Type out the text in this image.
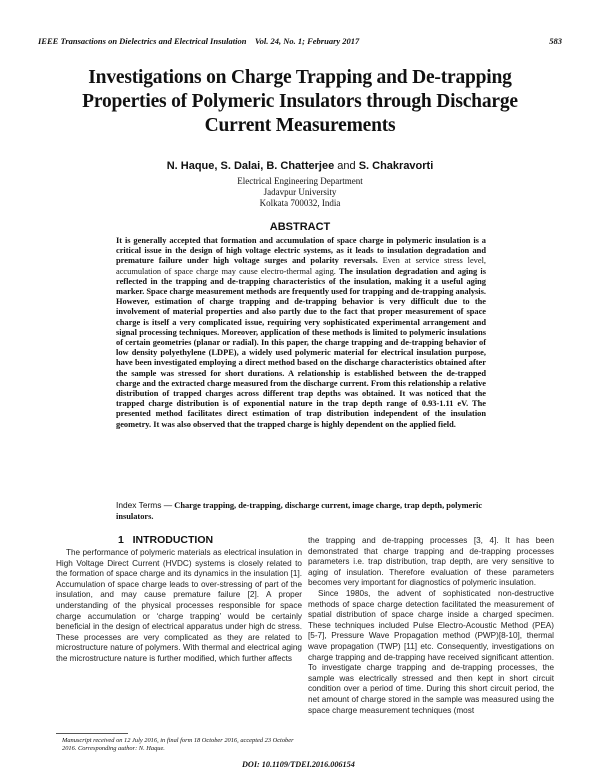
IEEE Transactions on Dielectrics and Electrical Insulation    Vol. 24, No. 1; February 2017	583
Investigations on Charge Trapping and De-trapping
Properties of Polymeric Insulators through Discharge
Current Measurements
N. Haque, S. Dalai, B. Chatterjee and S. Chakravorti
Electrical Engineering Department
Jadavpur University
Kolkata 700032, India
ABSTRACT
It is generally accepted that formation and accumulation of space charge in polymeric insulation is a critical issue in the design of high voltage electric systems, as it leads to insulation degradation and premature failure under high voltage surges and polarity reversals. Even at service stress level, accumulation of space charge may cause electro-thermal aging. The insulation degradation and aging is reflected in the trapping and de-trapping characteristics of the insulation, making it a useful aging marker. Space charge measurement methods are frequently used for trapping and de-trapping analysis. However, estimation of charge trapping and de-trapping behavior is very difficult due to the involvement of material properties and also partly due to the fact that proper measurement of space charge is itself a very complicated issue, requiring very sophisticated experimental arrangement and signal processing techniques. Moreover, application of these methods is limited to polymeric insulations of certain geometries (planar or radial). In this paper, the charge trapping and de-trapping behavior of low density polyethylene (LDPE), a widely used polymeric material for electrical insulation purpose, have been investigated employing a direct method based on the discharge characteristics obtained after the sample was stressed for short durations. A relationship is established between the de-trapped charge and the extracted charge measured from the discharge current. From this relationship a relative distribution of trapped charges across different trap depths was obtained. It was noticed that the trapped charge distribution is of exponential nature in the trap depth range of 0.93-1.11 eV. The presented method facilitates direct estimation of trap distribution independent of the insulation geometry. It was also observed that the trapped charge is highly dependent on the applied field.
Index Terms — Charge trapping, de-trapping, discharge current, image charge, trap depth, polymeric insulators.
1   INTRODUCTION

The performance of polymeric materials as electrical insulation in High Voltage Direct Current (HVDC) systems is closely related to the formation of space charge and its dynamics in the insulation [1]. Accumulation of space charge leads to over-stressing of part of the insulation, and may cause premature failure [2]. A proper understanding of the physical processes responsible for space charge accumulation or ‘charge trapping’ would be certainly beneficial in the design of electrical apparatus under high dc stress. These processes are very complicated as they are related to microstructure nature of polymers. With thermal and electrical aging the microstructure nature is further modified, which further affects

the trapping and de-trapping processes [3, 4]. It has been demonstrated that charge trapping and de-trapping processes parameters i.e. trap distribution, trap depth, are very sensitive to aging of insulation. Therefore evaluation of these parameters becomes very important for diagnostics of polymeric insulation.

Since 1980s, the advent of sophisticated non-destructive methods of space charge detection facilitated the measurement of spatial distribution of space charge inside a charged specimen. These techniques included Pulse Electro-Acoustic Method (PEA) [5-7], Pressure Wave Propagation method (PWP)[8-10], thermal wave propagation (TWP) [11] etc. Consequently, investigations on charge trapping and de-trapping have received significant attention. To investigate charge trapping and de-trapping processes, the sample was electrically stressed and then kept in short circuit condition over a period of time. During this short circuit period, the net amount of charge stored in the sample was measured using the space charge measurement techniques (most

Manuscript received on 12 July 2016, in final form 18 October 2016, accepted 23 October 2016. Corresponding author: N. Haque.
DOI: 10.1109/TDEI.2016.006154
